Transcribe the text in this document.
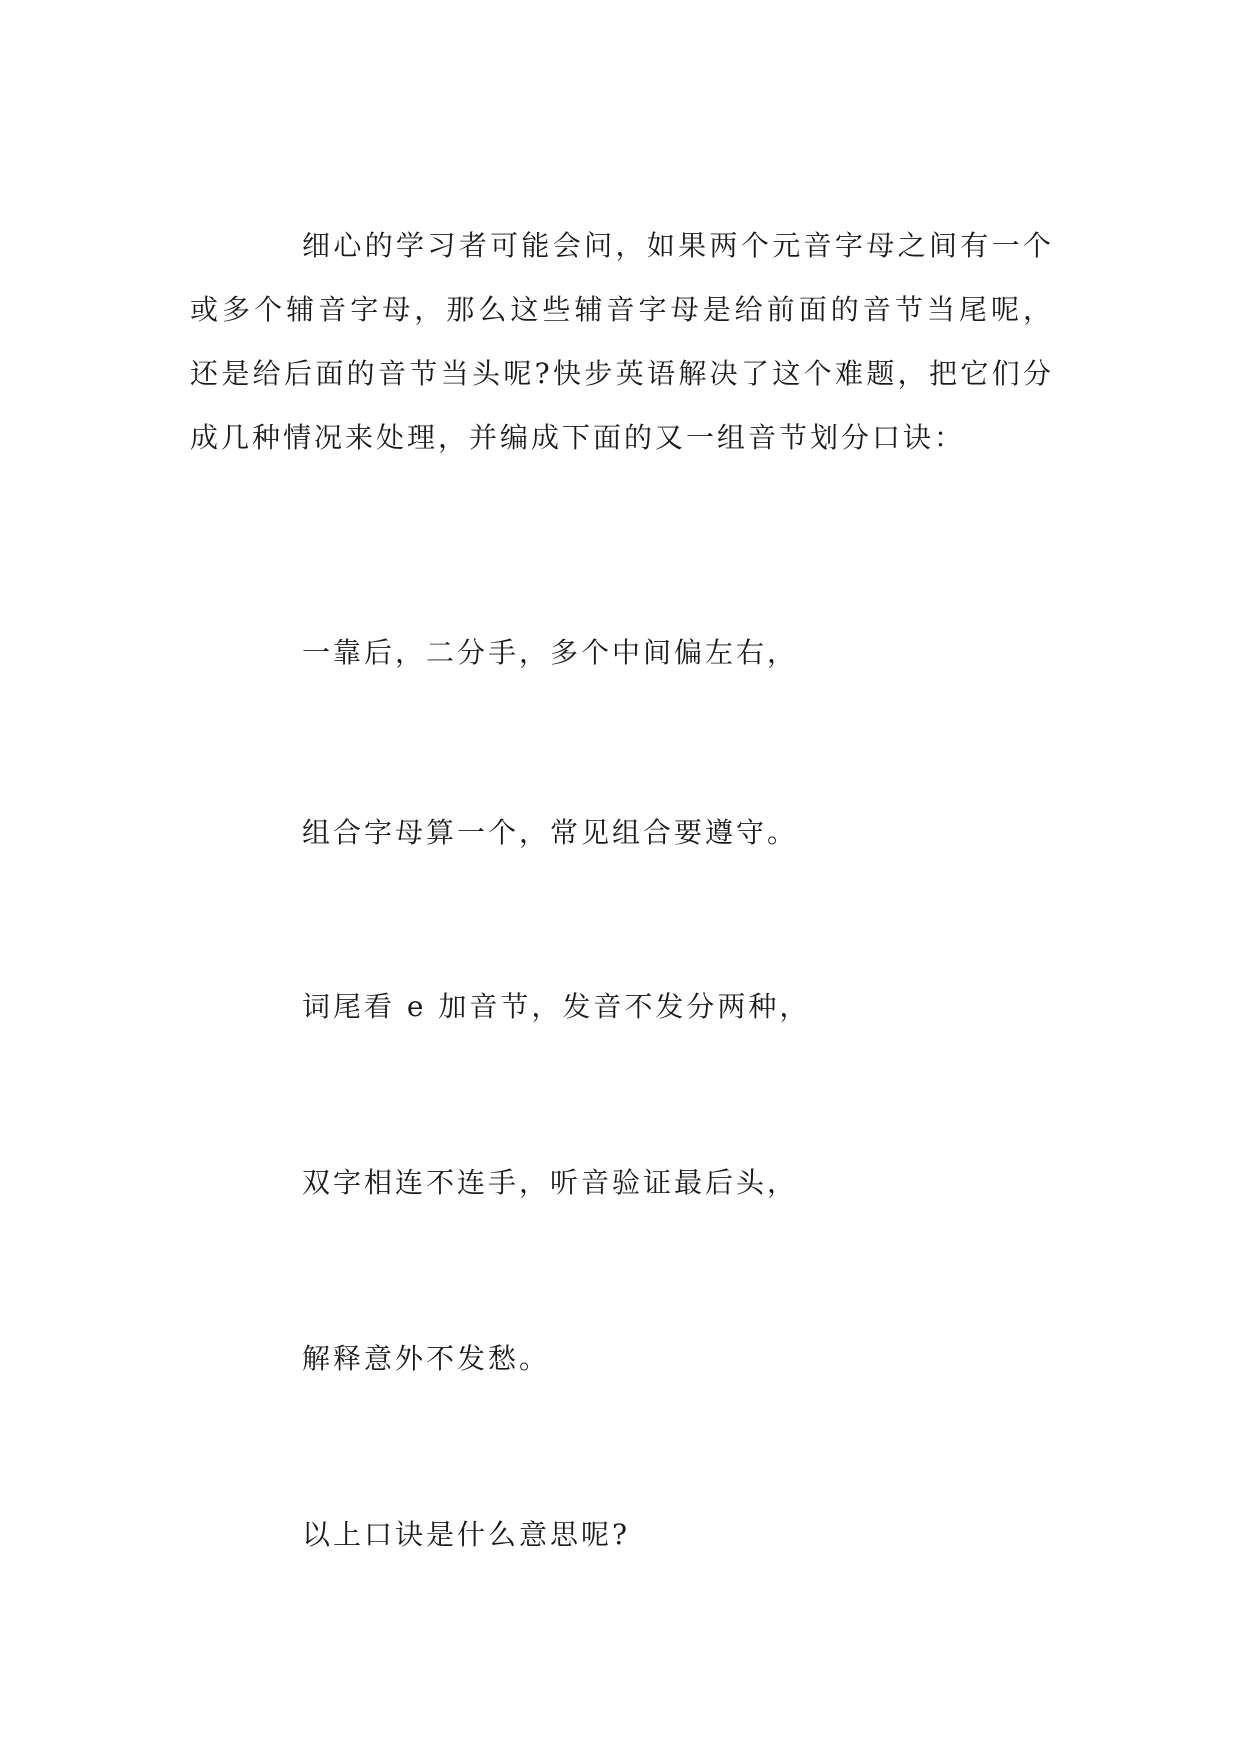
细心的学习者可能会问，如果两个元音字母之间有一个或多个辅音字母，那么这些辅音字母是给前面的音节当尾呢，还是给后面的音节当头呢?快步英语解决了这个难题，把它们分成几种情况来处理，并编成下面的又一组音节划分口诀：

一靠后，二分手，多个中间偏左右，

组合字母算一个，常见组合要遵守。

词尾看 e 加音节，发音不发分两种，

双字相连不连手，听音验证最后头，

解释意外不发愁。

以上口诀是什么意思呢?
